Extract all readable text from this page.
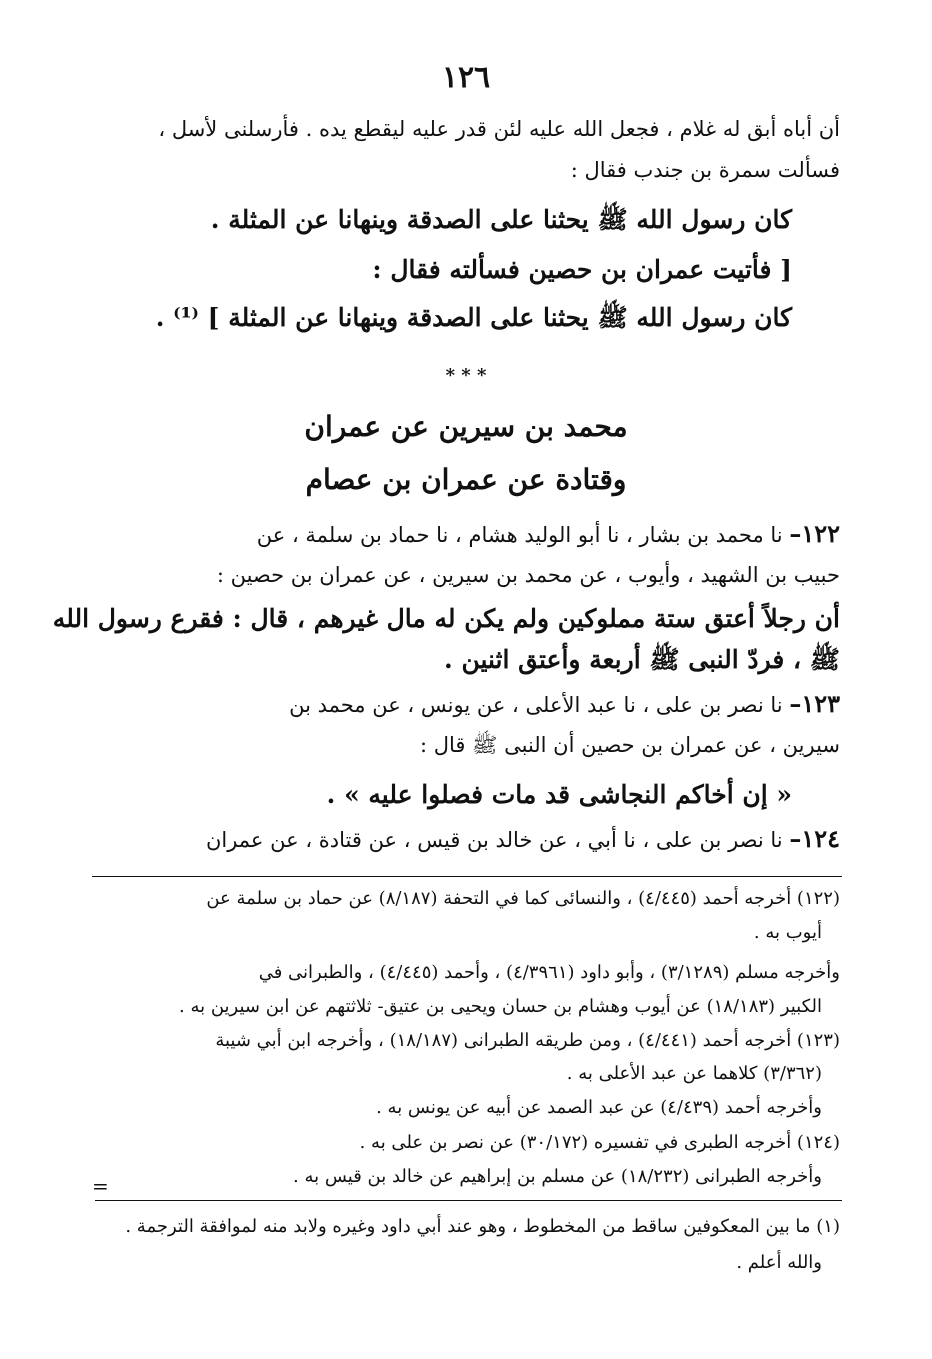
١٢٦
أن أباه أبق له غلام ، فجعل الله عليه لئن قدر عليه ليقطع يده . فأرسلنى لأسل ،
فسألت سمرة بن جندب فقال :
كان رسول الله ﷺ يحثنا على الصدقة وينهانا عن المثلة .
[ فأتيت عمران بن حصين فسألته فقال :
كان رسول الله ﷺ يحثنا على الصدقة وينهانا عن المثلة ] ⁽¹⁾ .
* * *
محمد بن سيرين عن عمران
وقتادة عن عمران بن عصام
١٢٢– نا محمد بن بشار ، نا أبو الوليد هشام ، نا حماد بن سلمة ، عن
حبيب بن الشهيد ، وأيوب ، عن محمد بن سيرين ، عن عمران بن حصين :
أن رجلاً أعتق ستة مملوكين ولم يكن له مال غيرهم ، قال : فقرع رسول الله
ﷺ ، فردّ النبى ﷺ أربعة وأعتق اثنين .
١٢٣– نا نصر بن على ، نا عبد الأعلى ، عن يونس ، عن محمد بن
سيرين ، عن عمران بن حصين أن النبى ﷺ قال :
« إن أخاكم النجاشى قد مات فصلوا عليه » .
١٢٤– نا نصر بن على ، نا أبي ، عن خالد بن قيس ، عن قتادة ، عن عمران
(١٢٢) أخرجه أحمد (٤/٤٤٥) ، والنسائى كما في التحفة (٨/١٨٧) عن حماد بن سلمة عن
أيوب به .
وأخرجه مسلم (٣/١٢٨٩) ، وأبو داود (٤/٣٩٦١) ، وأحمد (٤/٤٤٥) ، والطبرانى في
الكبير (١٨/١٨٣) عن أيوب وهشام بن حسان ويحيى بن عتيق- ثلاثتهم عن ابن سيرين به .
(١٢٣) أخرجه أحمد (٤/٤٤١) ، ومن طريقه الطبرانى (١٨/١٨٧) ، وأخرجه ابن أبي شيبة
(٣/٣٦٢) كلاهما عن عبد الأعلى به .
وأخرجه أحمد (٤/٤٣٩) عن عبد الصمد عن أبيه عن يونس به .
(١٢٤) أخرجه الطبرى في تفسيره (٣٠/١٧٢) عن نصر بن على به .
وأخرجه الطبرانى (١٨/٢٣٢) عن مسلم بن إبراهيم عن خالد بن قيس به .
=
(١) ما بين المعكوفين ساقط من المخطوط ، وهو عند أبي داود وغيره ولابد منه لموافقة الترجمة .
والله أعلم .
